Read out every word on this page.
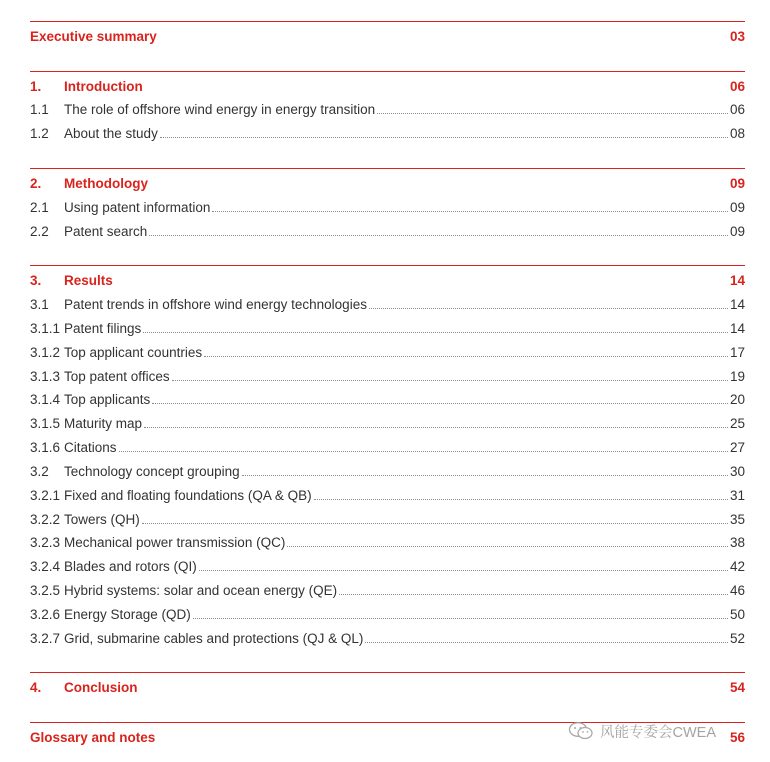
Executive summary	03
1.	Introduction	06
1.1	The role of offshore wind energy in energy transition	06
1.2	About the study	08
2.	Methodology	09
2.1	Using patent information	09
2.2	Patent search	09
3.	Results	14
3.1	Patent trends in offshore wind energy technologies	14
3.1.1 Patent filings	14
3.1.2 Top applicant countries	17
3.1.3 Top patent offices	19
3.1.4 Top applicants	20
3.1.5 Maturity map	25
3.1.6 Citations	27
3.2	Technology concept grouping	30
3.2.1 Fixed and floating foundations (QA & QB)	31
3.2.2 Towers (QH)	35
3.2.3 Mechanical power transmission (QC)	38
3.2.4 Blades and rotors (QI)	42
3.2.5 Hybrid systems: solar and ocean energy (QE)	46
3.2.6 Energy Storage (QD)	50
3.2.7 Grid, submarine cables and protections (QJ & QL)	52
4.	Conclusion	54
Glossary and notes	56
风能专委会CWEA
